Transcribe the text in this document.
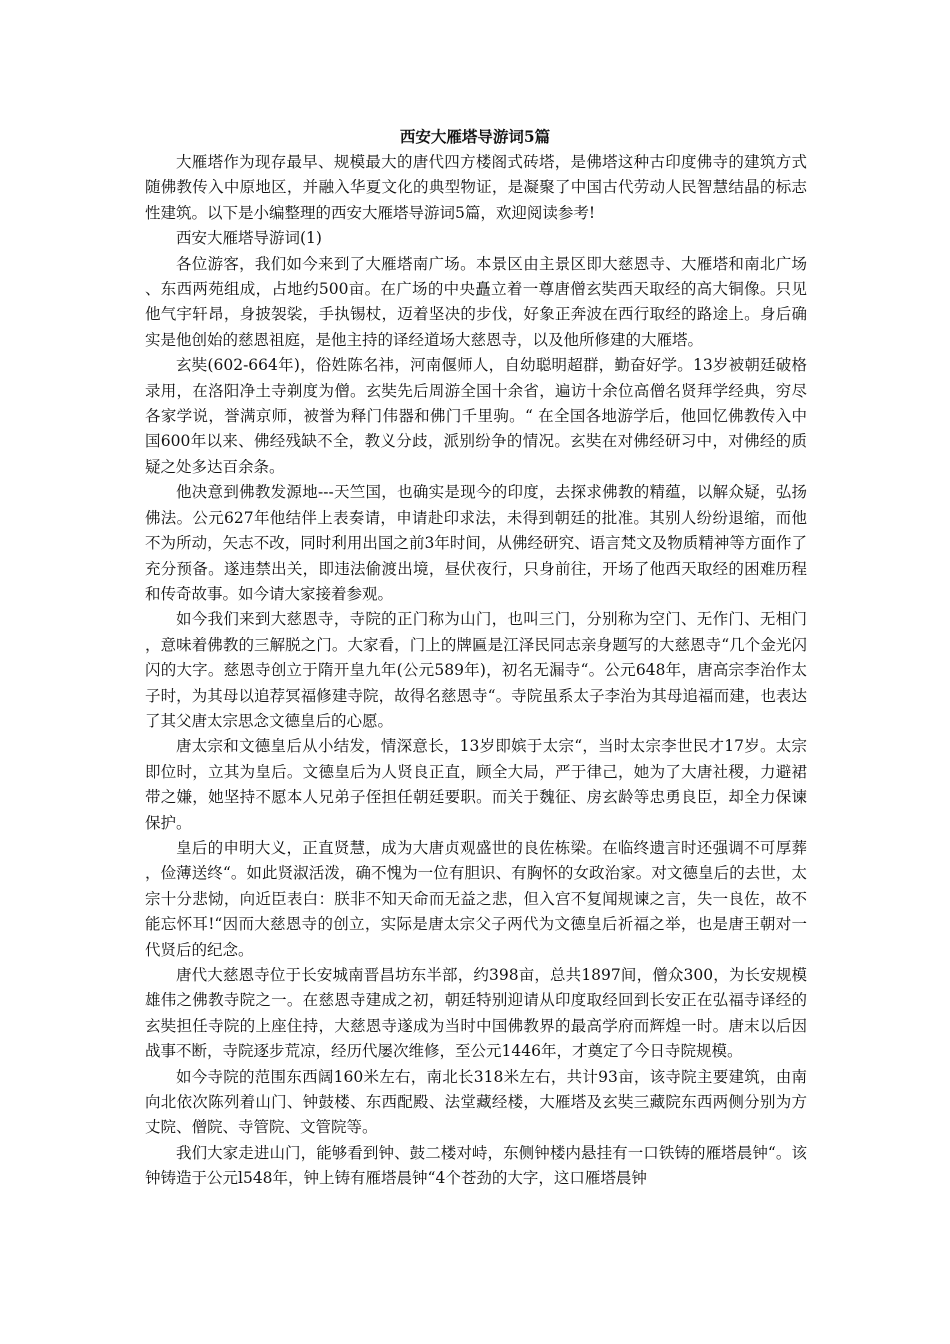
西安大雁塔导游词5篇

大雁塔作为现存最早、规模最大的唐代四方楼阁式砖塔，是佛塔这种古印度佛寺的建筑方式随佛教传入中原地区，并融入华夏文化的典型物证，是凝聚了中国古代劳动人民智慧结晶的标志性建筑。以下是小编整理的西安大雁塔导游词5篇，欢迎阅读参考!

西安大雁塔导游词(1)

各位游客，我们如今来到了大雁塔南广场。本景区由主景区即大慈恩寺、大雁塔和南北广场、东西两苑组成，占地约500亩。在广场的中央矗立着一尊唐僧玄奘西天取经的高大铜像。只见他气宇轩昂，身披袈裟，手执锡杖，迈着坚决的步伐，好象正奔波在西行取经的路途上。身后确实是他创始的慈恩祖庭，是他主持的译经道场大慈恩寺，以及他所修建的大雁塔。

玄奘(602-664年)，俗姓陈名祎，河南偃师人，自幼聪明超群，勤奋好学。13岁被朝廷破格录用，在洛阳净土寺剃度为僧。玄奘先后周游全国十余省，遍访十余位高僧名贤拜学经典，穷尽各家学说，誉满京师，被誉为释门伟器和佛门千里驹。“ 在全国各地游学后，他回忆佛教传入中国600年以来、佛经残缺不全，教义分歧，派别纷争的情况。玄奘在对佛经研习中，对佛经的质疑之处多达百余条。

他决意到佛教发源地---天竺国，也确实是现今的印度，去探求佛教的精蕴，以解众疑，弘扬佛法。公元627年他结伴上表奏请，申请赴印求法，未得到朝廷的批准。其别人纷纷退缩，而他不为所动，矢志不改，同时利用出国之前3年时间，从佛经研究、语言梵文及物质精神等方面作了充分预备。遂违禁出关，即违法偷渡出境，昼伏夜行，只身前往，开场了他西天取经的困难历程和传奇故事。如今请大家接着参观。

如今我们来到大慈恩寺，寺院的正门称为山门，也叫三门，分别称为空门、无作门、无相门，意味着佛教的三解脱之门。大家看，门上的牌匾是江泽民同志亲身题写的大慈恩寺“几个金光闪闪的大字。慈恩寺创立于隋开皇九年(公元589年)，初名无漏寺“。公元648年，唐高宗李治作太子时，为其母以追荐冥福修建寺院，故得名慈恩寺“。寺院虽系太子李治为其母追福而建，也表达了其父唐太宗思念文德皇后的心愿。

唐太宗和文德皇后从小结发，情深意长，13岁即嫔于太宗“，当时太宗李世民才17岁。太宗即位时，立其为皇后。文德皇后为人贤良正直，顾全大局，严于律己，她为了大唐社稷，力避裙带之嫌，她坚持不愿本人兄弟子侄担任朝廷要职。而关于魏征、房玄龄等忠勇良臣，却全力保谏保护。

皇后的申明大义，正直贤慧，成为大唐贞观盛世的良佐栋梁。在临终遗言时还强调不可厚葬，俭薄送终“。如此贤淑活泼，确不愧为一位有胆识、有胸怀的女政治家。对文德皇后的去世，太宗十分悲恸，向近臣表白：朕非不知天命而无益之悲，但入宫不复闻规谏之言，失一良佐，故不能忘怀耳!“因而大慈恩寺的创立，实际是唐太宗父子两代为文德皇后祈福之举，也是唐王朝对一代贤后的纪念。

唐代大慈恩寺位于长安城南晋昌坊东半部，约398亩，总共1897间，僧众300，为长安规模雄伟之佛教寺院之一。在慈恩寺建成之初，朝廷特别迎请从印度取经回到长安正在弘福寺译经的玄奘担任寺院的上座住持，大慈恩寺遂成为当时中国佛教界的最高学府而辉煌一时。唐末以后因战事不断，寺院逐步荒凉，经历代屡次维修，至公元1446年，才奠定了今日寺院规模。

如今寺院的范围东西阔160米左右，南北长318米左右，共计93亩，该寺院主要建筑，由南向北依次陈列着山门、钟鼓楼、东西配殿、法堂藏经楼，大雁塔及玄奘三藏院东西两侧分别为方丈院、僧院、寺管院、文管院等。

我们大家走进山门，能够看到钟、鼓二楼对峙，东侧钟楼内悬挂有一口铁铸的雁塔晨钟“。该钟铸造于公元l548年，钟上铸有雁塔晨钟“4个苍劲的大字，这口雁塔晨钟
